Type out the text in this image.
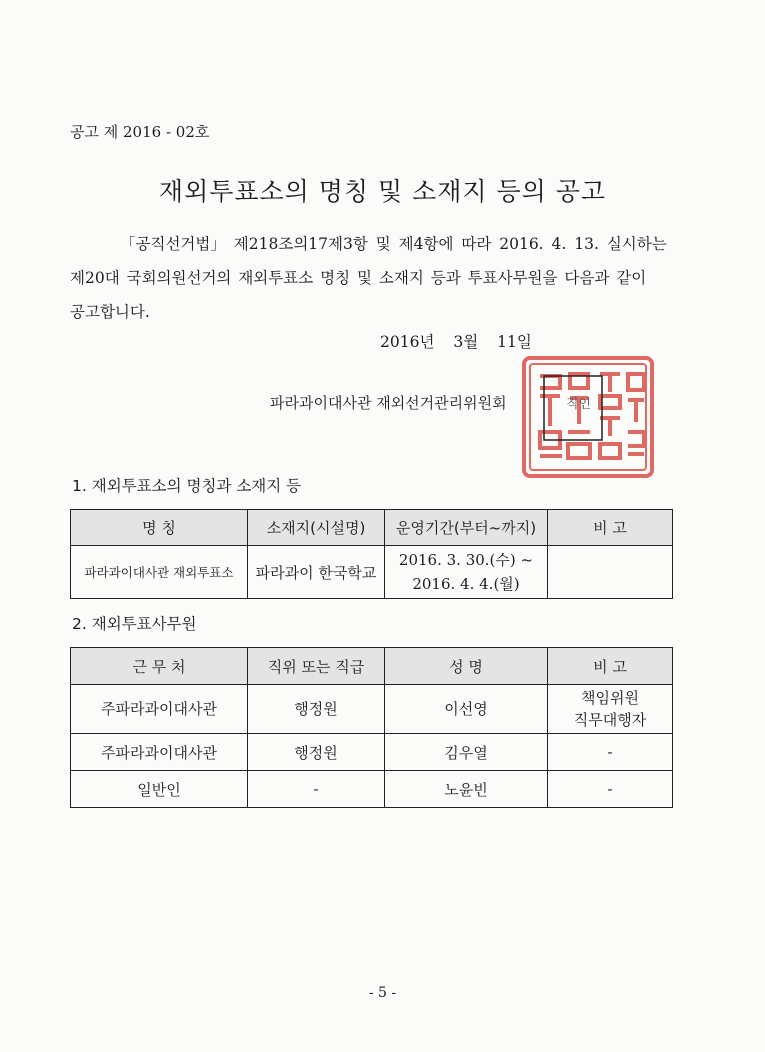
공고 제 2016 - 02호
재외투표소의 명칭 및 소재지 등의 공고
「공직선거법」 제218조의17제3항 및 제4항에 따라 2016. 4. 13. 실시하는
제20대 국회의원선거의 재외투표소 명칭 및 소재지 등과 투표사무원을 다음과 같이
공고합니다.
2016년 3월 11일
파라과이대사관 재외선거관리위원회	직인
1. 재외투표소의 명칭과 소재지 등
명 칭	소재지(시설명)	운영기간(부터~까지)	비 고
파라과이대사관 재외투표소	파라과이 한국학교	2016. 3. 30.(수) ~
2016. 4. 4.(월)	

2. 재외투표사무원
근 무 처	직위 또는 직급	성 명	비 고
주파라과이대사관	행정원	이선영	책임위원
직무대행자

주파라과이대사관	행정원	김우열	-
일반인	-	노윤빈	-
- 5 -
